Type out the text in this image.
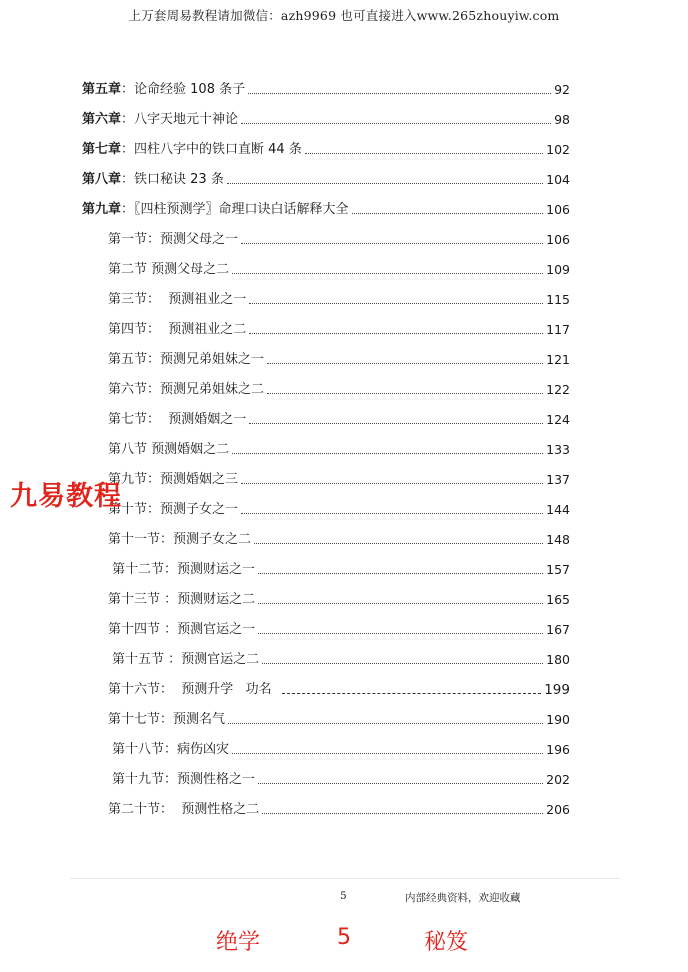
上万套周易教程请加微信：azh9969 也可直接进入www.265zhouyiw.com
第五章：论命经验 108 条子	92
第六章：八字天地元十神论	98
第七章：四柱八字中的铁口直断 44 条	102
第八章：铁口秘诀 23 条	104
第九章：〖四柱预测学〗命理口诀白话解释大全	106
第一节：预测父母之一	106
第二节 预测父母之二	109
第三节：  预测祖业之一	115
第四节：  预测祖业之二	117
第五节：预测兄弟姐妹之一	121
第六节：预测兄弟姐妹之二	122
第七节：  预测婚姻之一	124
第八节 预测婚姻之二	133
第九节：预测婚姻之三	137
第十节：预测子女之一	144
第十一节：预测子女之二	148
第十二节：预测财运之一	157
第十三节 ：预测财运之二	165
第十四节 ：预测官运之一	167
第十五节 ：预测官运之二	180
第十六节：  预测升学   功名	199
第十七节：预测名气	190
第十八节：病伤凶灾	196
第十九节：预测性格之一	202
第二十节：  预测性格之二	206
九易教程
5	内部经典资料，欢迎收藏
绝学	5	秘笈
